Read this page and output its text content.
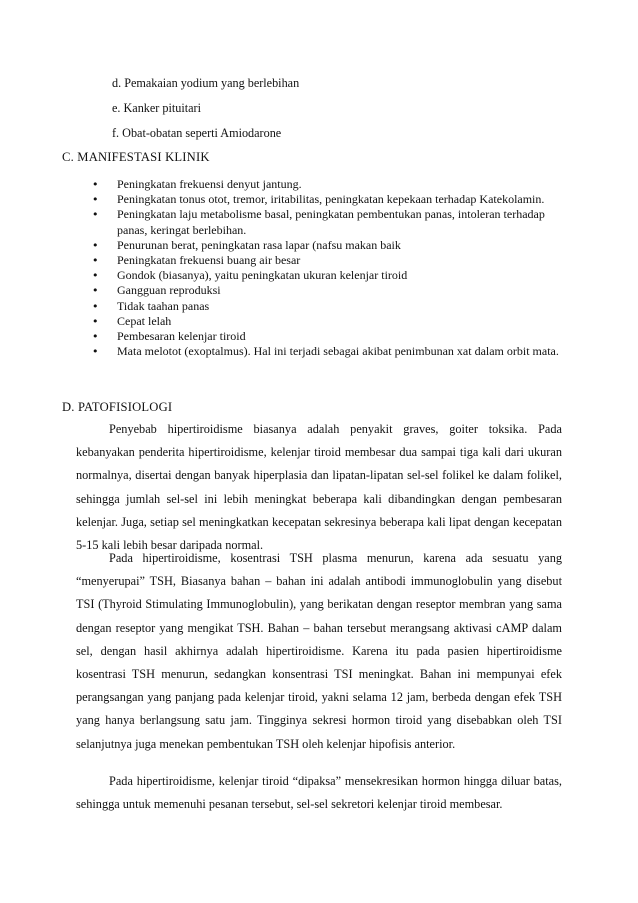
d. Pemakaian yodium yang berlebihan
e. Kanker pituitari
f. Obat-obatan seperti Amiodarone
C. MANIFESTASI KLINIK
• Peningkatan frekuensi denyut jantung.
• Peningkatan tonus otot, tremor, iritabilitas, peningkatan kepekaan terhadap Katekolamin.
• Peningkatan laju metabolisme basal, peningkatan pembentukan panas, intoleran terhadap panas, keringat berlebihan.
• Penurunan berat, peningkatan rasa lapar (nafsu makan baik
• Peningkatan frekuensi buang air besar
• Gondok (biasanya), yaitu peningkatan ukuran kelenjar tiroid
• Gangguan reproduksi
• Tidak taahan panas
• Cepat lelah
• Pembesaran kelenjar tiroid
• Mata melotot (exoptalmus). Hal ini terjadi sebagai akibat penimbunan xat dalam orbit mata.
D. PATOFISIOLOGI

Penyebab hipertiroidisme biasanya adalah penyakit graves, goiter toksika. Pada kebanyakan penderita hipertiroidisme, kelenjar tiroid membesar dua sampai tiga kali dari ukuran normalnya, disertai dengan banyak hiperplasia dan lipatan-lipatan sel-sel folikel ke dalam folikel, sehingga jumlah sel-sel ini lebih meningkat beberapa kali dibandingkan dengan pembesaran kelenjar. Juga, setiap sel meningkatkan kecepatan sekresinya beberapa kali lipat dengan kecepatan 5-15 kali lebih besar daripada normal.

Pada hipertiroidisme, kosentrasi TSH plasma menurun, karena ada sesuatu yang “menyerupai” TSH, Biasanya bahan – bahan ini adalah antibodi immunoglobulin yang disebut TSI (Thyroid Stimulating Immunoglobulin), yang berikatan dengan reseptor membran yang sama dengan reseptor yang mengikat TSH. Bahan – bahan tersebut merangsang aktivasi cAMP dalam sel, dengan hasil akhirnya adalah hipertiroidisme. Karena itu pada pasien hipertiroidisme kosentrasi TSH menurun, sedangkan konsentrasi TSI meningkat. Bahan ini mempunyai efek perangsangan yang panjang pada kelenjar tiroid, yakni selama 12 jam, berbeda dengan efek TSH yang hanya berlangsung satu jam. Tingginya sekresi hormon tiroid yang disebabkan oleh TSI selanjutnya juga menekan pembentukan TSH oleh kelenjar hipofisis anterior.

Pada hipertiroidisme, kelenjar tiroid “dipaksa” mensekresikan hormon hingga diluar batas, sehingga untuk memenuhi pesanan tersebut, sel-sel sekretori kelenjar tiroid membesar.
